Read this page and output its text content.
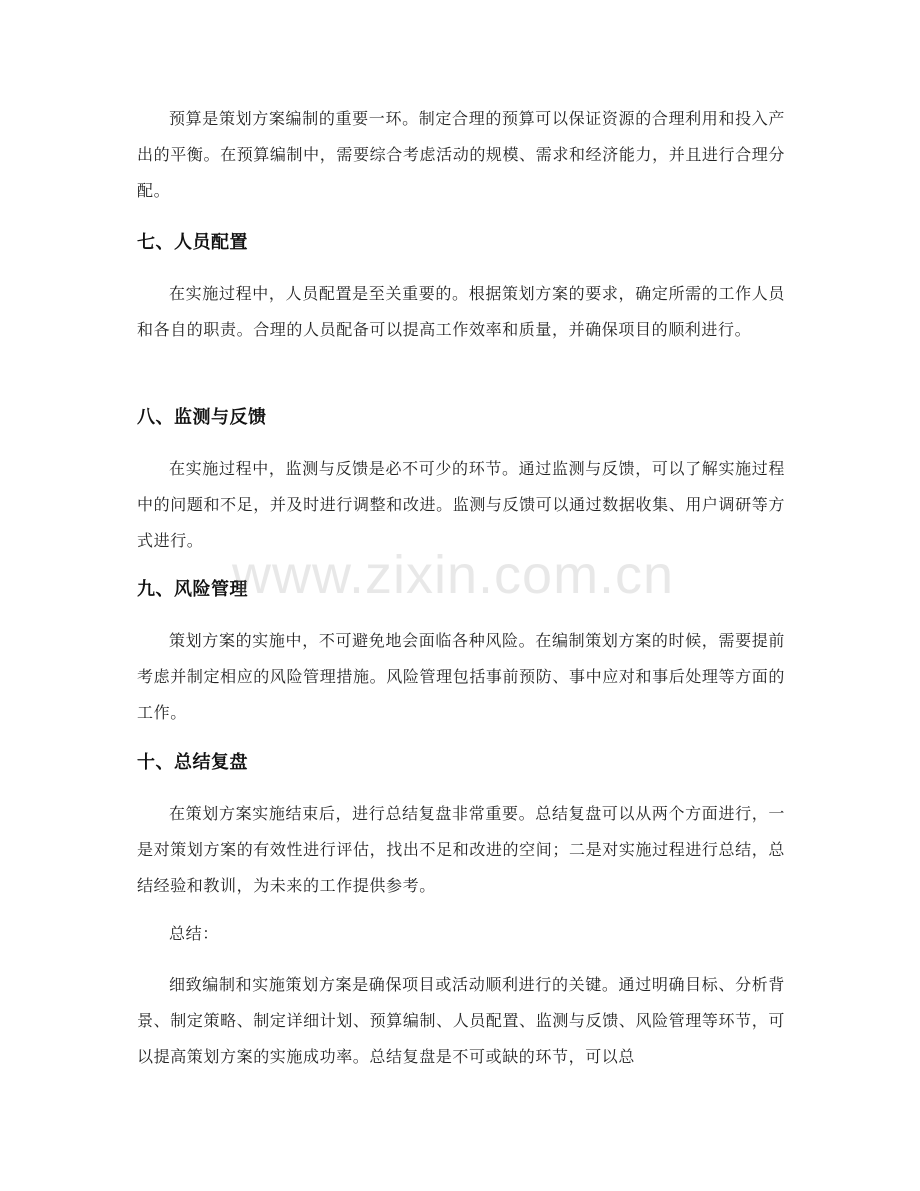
预算是策划方案编制的重要一环。制定合理的预算可以保证资源的合理利用和投入产出的平衡。在预算编制中，需要综合考虑活动的规模、需求和经济能力，并且进行合理分配。

七、人员配置

在实施过程中，人员配置是至关重要的。根据策划方案的要求，确定所需的工作人员和各自的职责。合理的人员配备可以提高工作效率和质量，并确保项目的顺利进行。

八、监测与反馈

在实施过程中，监测与反馈是必不可少的环节。通过监测与反馈，可以了解实施过程中的问题和不足，并及时进行调整和改进。监测与反馈可以通过数据收集、用户调研等方式进行。

九、风险管理

策划方案的实施中，不可避免地会面临各种风险。在编制策划方案的时候，需要提前考虑并制定相应的风险管理措施。风险管理包括事前预防、事中应对和事后处理等方面的工作。

十、总结复盘

在策划方案实施结束后，进行总结复盘非常重要。总结复盘可以从两个方面进行，一是对策划方案的有效性进行评估，找出不足和改进的空间；二是对实施过程进行总结，总结经验和教训，为未来的工作提供参考。

总结：

细致编制和实施策划方案是确保项目或活动顺利进行的关键。通过明确目标、分析背景、制定策略、制定详细计划、预算编制、人员配置、监测与反馈、风险管理等环节，可以提高策划方案的实施成功率。总结复盘是不可或缺的环节，可以总

www.zixin.com.cn
